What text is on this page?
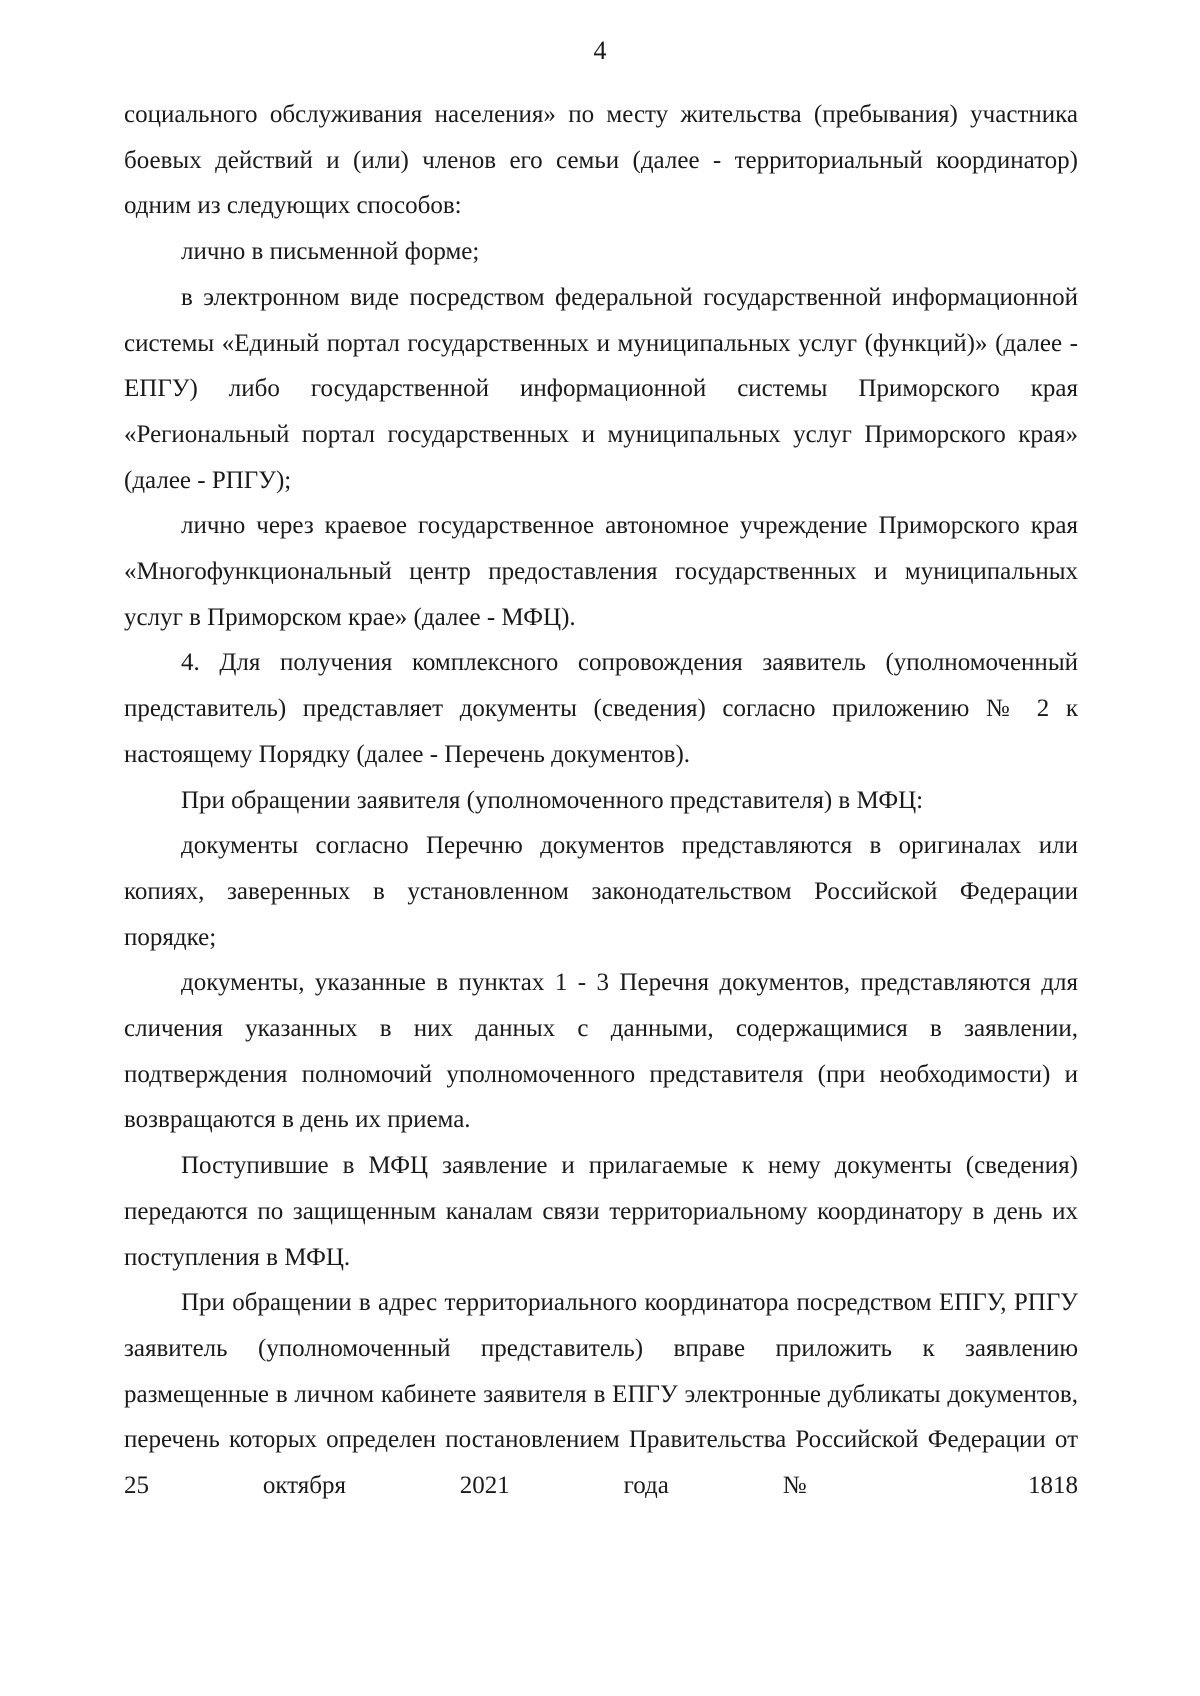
4

социального обслуживания населения» по месту жительства (пребывания) участника боевых действий и (или) членов его семьи (далее - территориальный координатор) одним из следующих способов:

лично в письменной форме;

в электронном виде посредством федеральной государственной информационной системы «Единый портал государственных и муниципальных услуг (функций)» (далее - ЕПГУ) либо государственной информационной системы Приморского края «Региональный портал государственных и муниципальных услуг Приморского края» (далее - РПГУ);

лично через краевое государственное автономное учреждение Приморского края «Многофункциональный центр предоставления государственных и муниципальных услуг в Приморском крае» (далее - МФЦ).

4. Для получения комплексного сопровождения заявитель (уполномоченный представитель) представляет документы (сведения) согласно приложению № 2 к настоящему Порядку (далее - Перечень документов).

При обращении заявителя (уполномоченного представителя) в МФЦ:

документы согласно Перечню документов представляются в оригиналах или копиях, заверенных в установленном законодательством Российской Федерации порядке;

документы, указанные в пунктах 1 - 3 Перечня документов, представляются для сличения указанных в них данных с данными, содержащимися в заявлении, подтверждения полномочий уполномоченного представителя (при необходимости) и возвращаются в день их приема.

Поступившие в МФЦ заявление и прилагаемые к нему документы (сведения) передаются по защищенным каналам связи территориальному координатору в день их поступления в МФЦ.

При обращении в адрес территориального координатора посредством ЕПГУ, РПГУ заявитель (уполномоченный представитель) вправе приложить к заявлению размещенные в личном кабинете заявителя в ЕПГУ электронные дубликаты документов, перечень которых определен постановлением Правительства Российской Федерации от 25 октября 2021 года № 1818
